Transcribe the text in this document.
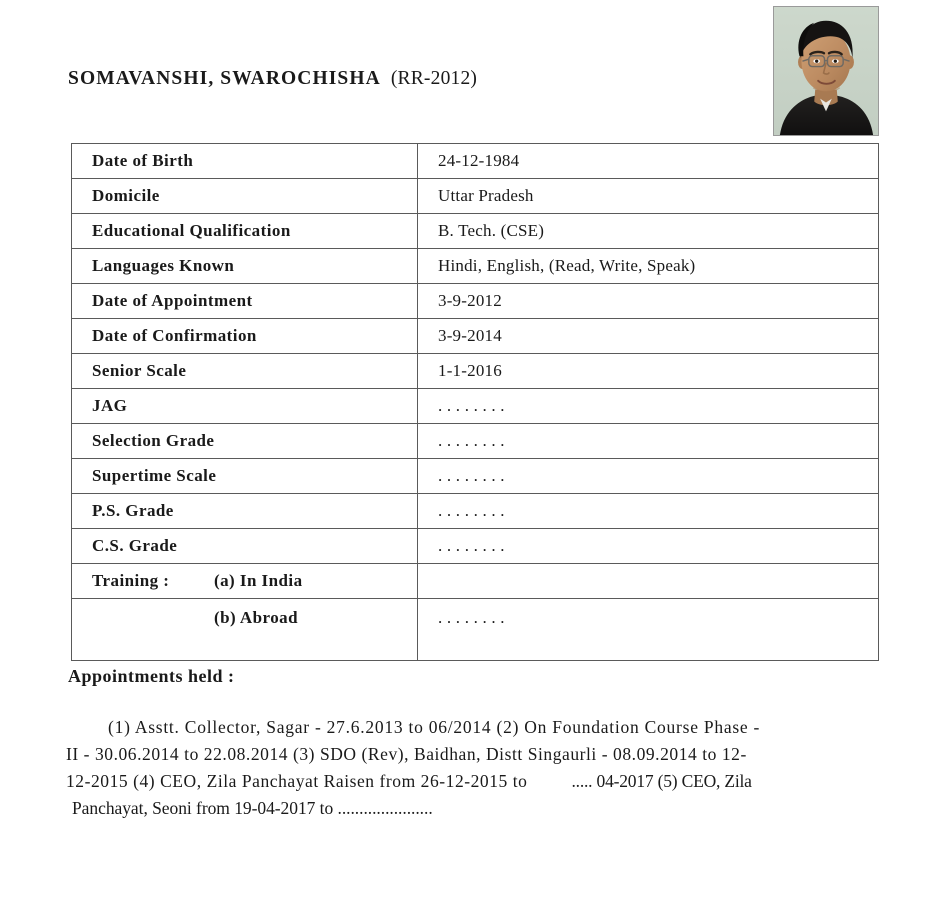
SOMAVANSHI, SWAROCHISHA (RR-2012)
Date of Birth	24-12-1984
Domicile	Uttar Pradesh
Educational Qualification	B. Tech. (CSE)
Languages Known	Hindi, English, (Read, Write, Speak)
Date of Appointment	3-9-2012
Date of Confirmation	3-9-2014
Senior Scale	1-1-2016
JAG	. . . . . . . .
Selection Grade	. . . . . . . .
Supertime Scale	. . . . . . . .
P.S. Grade	. . . . . . . .
C.S. Grade	. . . . . . . .

Training : (a) In India	

(b) Abroad	. . . . . . . .
Appointments held :
(1) Asstt. Collector, Sagar - 27.6.2013 to 06/2014 (2) On Foundation Course Phase -
II - 30.06.2014 to 22.08.2014 (3) SDO (Rev), Baidhan, Distt Singaurli - 08.09.2014 to 12-
12-2015 (4) CEO, Zila Panchayat Raisen from 26-12-2015 to	..... 04-2017 (5) CEO, Zila
Panchayat, Seoni from 19-04-2017 to ......................
